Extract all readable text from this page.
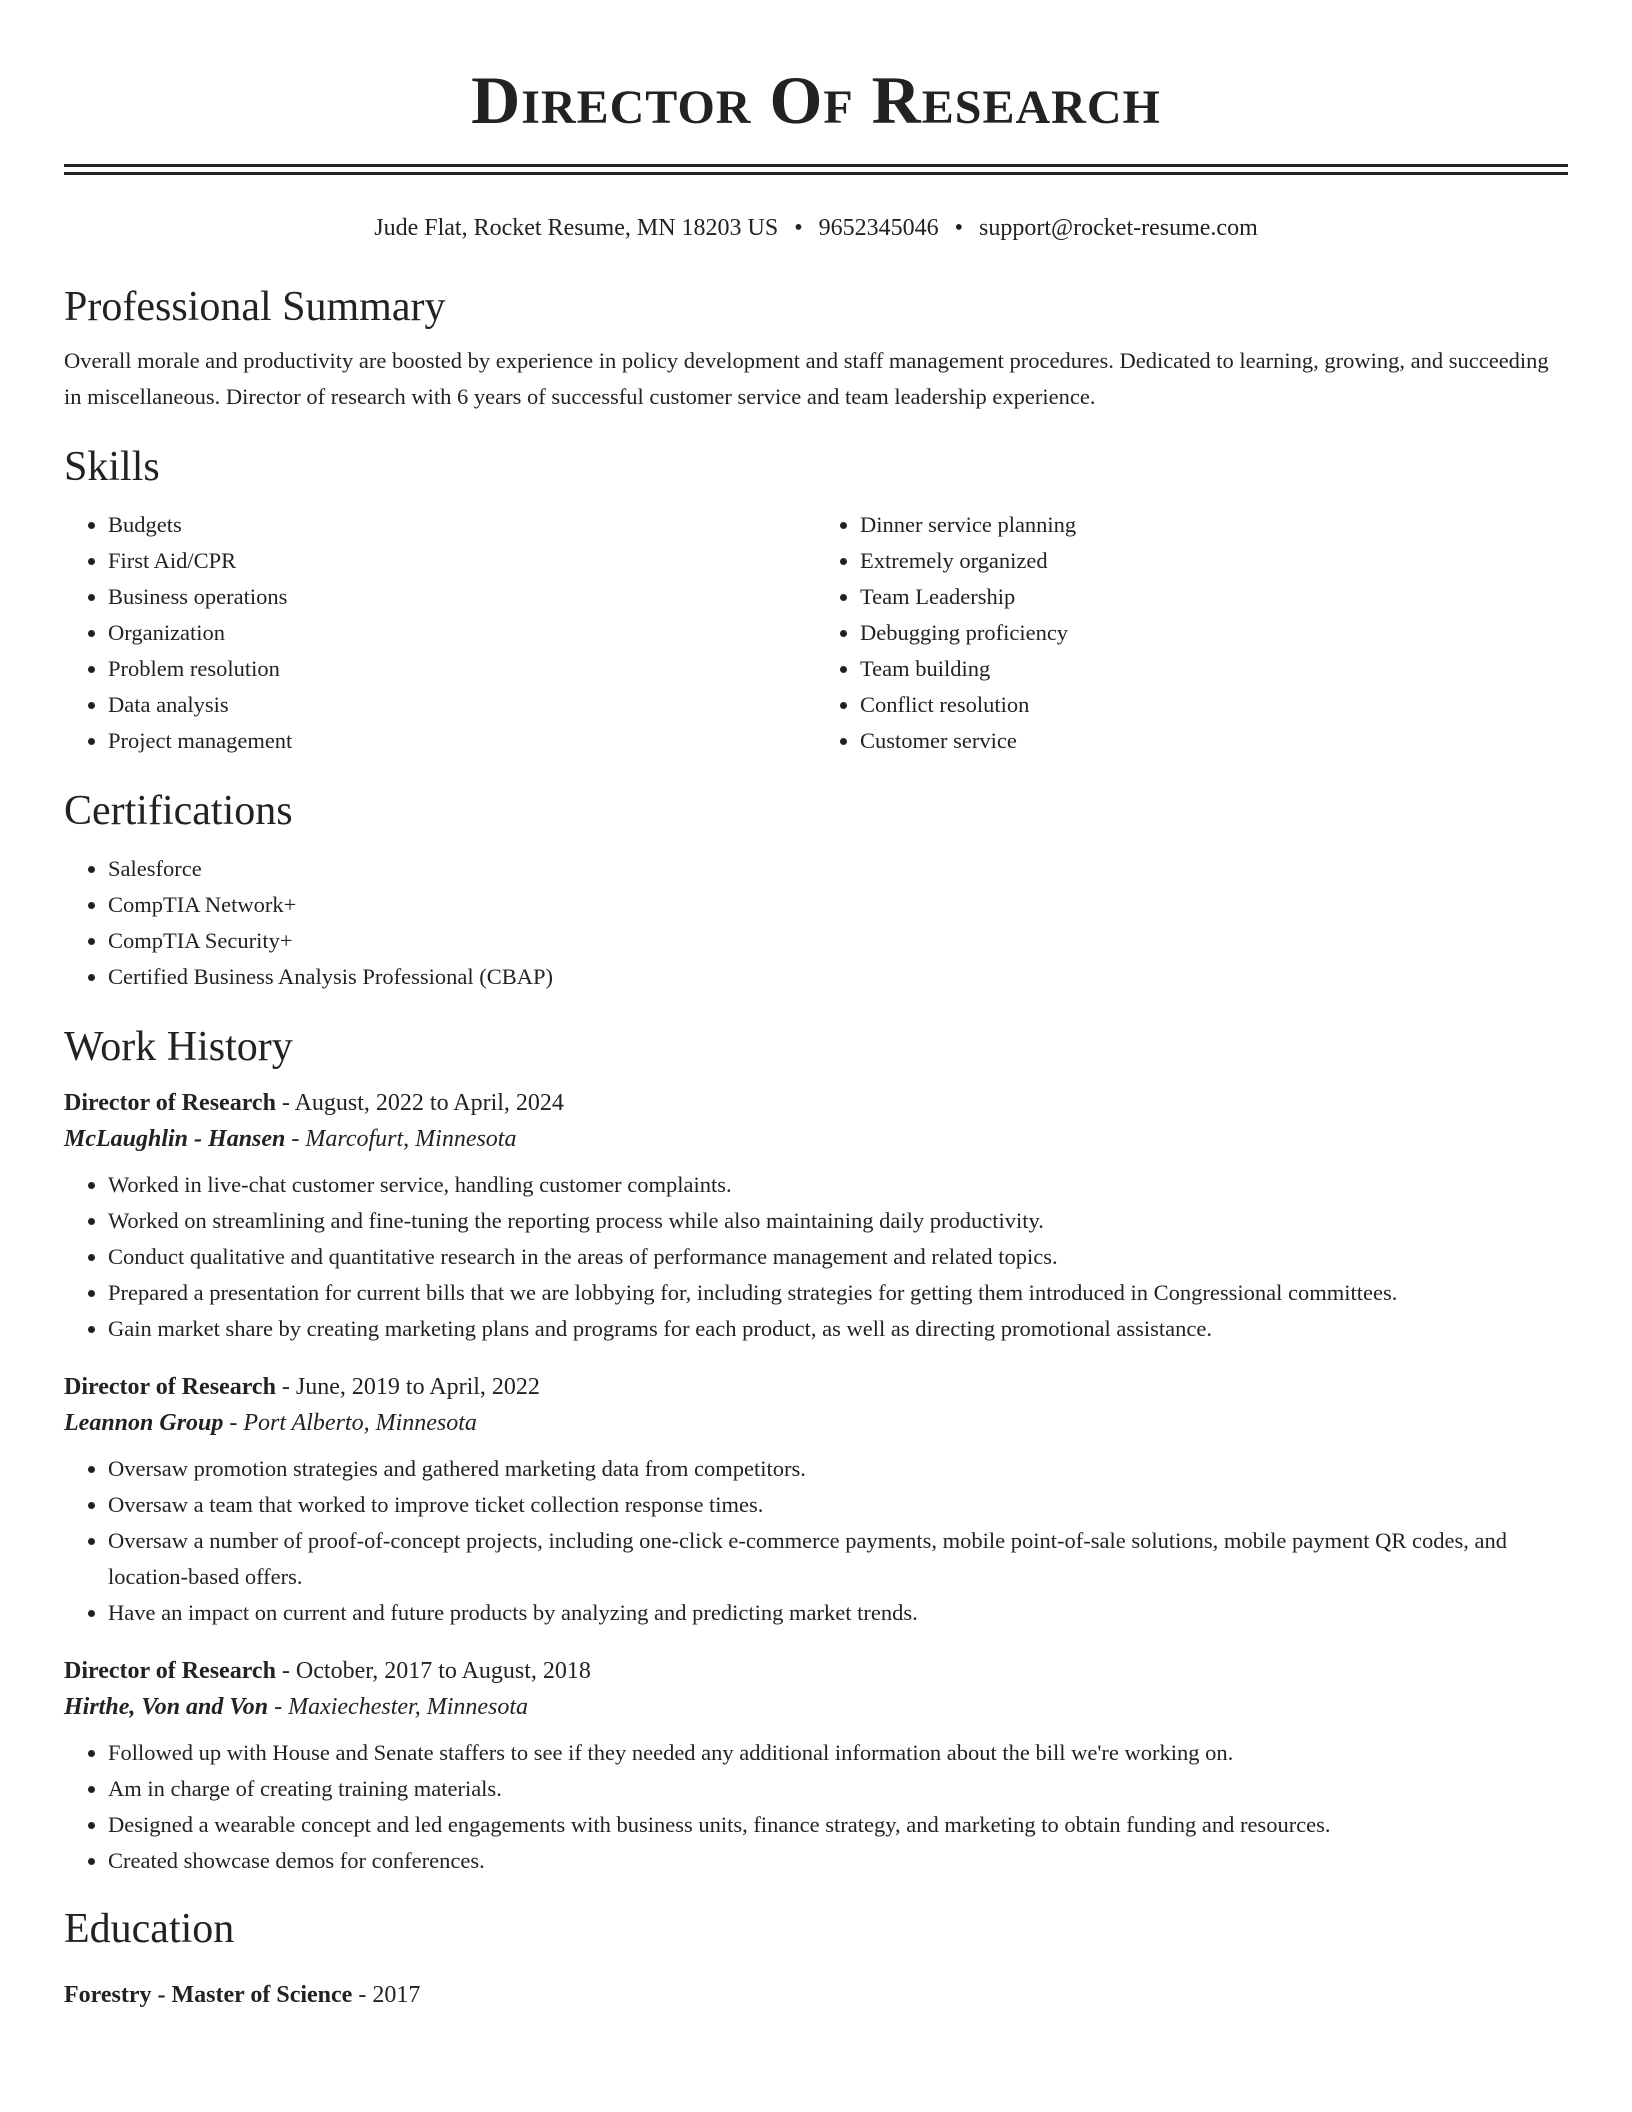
Director Of Research
Jude Flat, Rocket Resume, MN 18203 US • 9652345046 • support@rocket-resume.com
Professional Summary

Overall morale and productivity are boosted by experience in policy development and staff management procedures. Dedicated to learning, growing, and succeeding in miscellaneous. Director of research with 6 years of successful customer service and team leadership experience.

Skills
• Budgets
• First Aid/CPR
• Business operations
• Organization
• Problem resolution
• Data analysis
• Project management
• Dinner service planning
• Extremely organized
• Team Leadership
• Debugging proficiency
• Team building
• Conflict resolution
• Customer service
Certifications
• Salesforce
• CompTIA Network+
• CompTIA Security+
• Certified Business Analysis Professional (CBAP)
Work History
Director of Research - August, 2022 to April, 2024
McLaughlin - Hansen - Marcofurt, Minnesota
• Worked in live-chat customer service, handling customer complaints.
• Worked on streamlining and fine-tuning the reporting process while also maintaining daily productivity.
• Conduct qualitative and quantitative research in the areas of performance management and related topics.
• Prepared a presentation for current bills that we are lobbying for, including strategies for getting them introduced in Congressional committees.
• Gain market share by creating marketing plans and programs for each product, as well as directing promotional assistance.
Director of Research - June, 2019 to April, 2022
Leannon Group - Port Alberto, Minnesota
• Oversaw promotion strategies and gathered marketing data from competitors.
• Oversaw a team that worked to improve ticket collection response times.
• Oversaw a number of proof-of-concept projects, including one-click e-commerce payments, mobile point-of-sale solutions, mobile payment QR codes, and location-based offers.
• Have an impact on current and future products by analyzing and predicting market trends.
Director of Research - October, 2017 to August, 2018
Hirthe, Von and Von - Maxiechester, Minnesota
• Followed up with House and Senate staffers to see if they needed any additional information about the bill we're working on.
• Am in charge of creating training materials.
• Designed a wearable concept and led engagements with business units, finance strategy, and marketing to obtain funding and resources.
• Created showcase demos for conferences.
Education
Forestry - Master of Science - 2017
